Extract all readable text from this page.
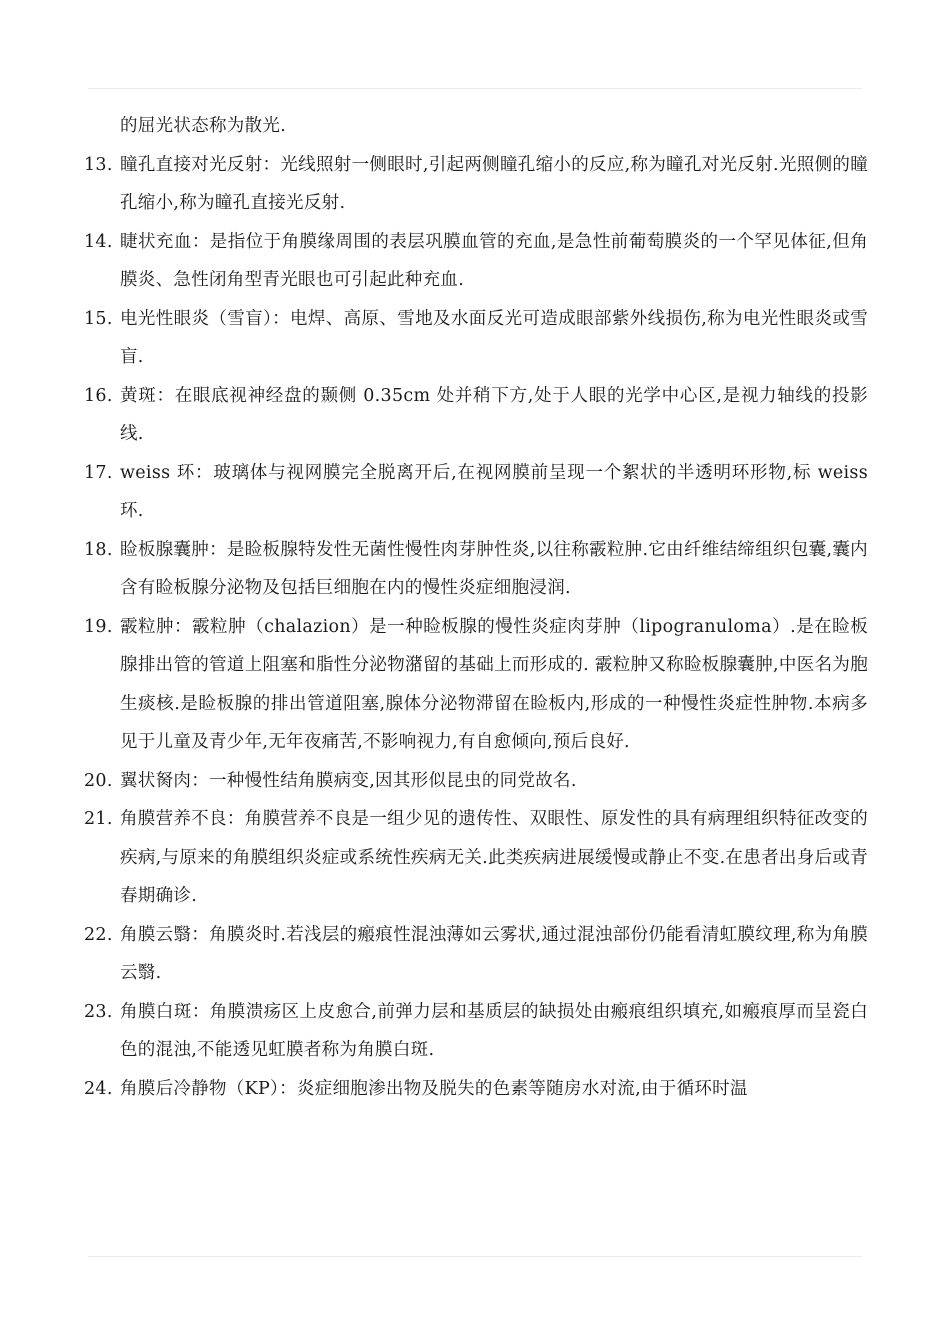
的屈光状态称为散光.
13. 瞳孔直接对光反射：光线照射一侧眼时,引起两侧瞳孔缩小的反应,称为瞳孔对光反射.光照侧的瞳孔缩小,称为瞳孔直接光反射.
14. 睫状充血：是指位于角膜缘周围的表层巩膜血管的充血,是急性前葡萄膜炎的一个罕见体征,但角膜炎、急性闭角型青光眼也可引起此种充血.
15. 电光性眼炎（雪盲）：电焊、高原、雪地及水面反光可造成眼部紫外线损伤,称为电光性眼炎或雪盲.
16. 黄斑：在眼底视神经盘的颞侧 0.35cm 处并稍下方,处于人眼的光学中心区,是视力轴线的投影线.
17. weiss 环：玻璃体与视网膜完全脱离开后,在视网膜前呈现一个絮状的半透明环形物,标 weiss 环.
18. 睑板腺囊肿：是睑板腺特发性无菌性慢性肉芽肿性炎,以往称霰粒肿.它由纤维结缔组织包囊,囊内含有睑板腺分泌物及包括巨细胞在内的慢性炎症细胞浸润.
19. 霰粒肿：霰粒肿（chalazion）是一种睑板腺的慢性炎症肉芽肿（lipogranuloma）.是在睑板腺排出管的管道上阻塞和脂性分泌物潴留的基础上而形成的. 霰粒肿又称睑板腺囊肿,中医名为胞生痰核.是睑板腺的排出管道阻塞,腺体分泌物滞留在睑板内,形成的一种慢性炎症性肿物.本病多见于儿童及青少年,无年夜痛苦,不影响视力,有自愈倾向,预后良好.
20. 翼状胬肉：一种慢性结角膜病变,因其形似昆虫的同党故名.
21. 角膜营养不良：角膜营养不良是一组少见的遗传性、双眼性、原发性的具有病理组织特征改变的疾病,与原来的角膜组织炎症或系统性疾病无关.此类疾病进展缓慢或静止不变.在患者出身后或青春期确诊.
22. 角膜云翳：角膜炎时.若浅层的瘢痕性混浊薄如云雾状,通过混浊部份仍能看清虹膜纹理,称为角膜云翳.
23. 角膜白斑：角膜溃疡区上皮愈合,前弹力层和基质层的缺损处由瘢痕组织填充,如瘢痕厚而呈瓷白色的混浊,不能透见虹膜者称为角膜白斑.
24. 角膜后冷静物（KP）：炎症细胞渗出物及脱失的色素等随房水对流,由于循环时温
